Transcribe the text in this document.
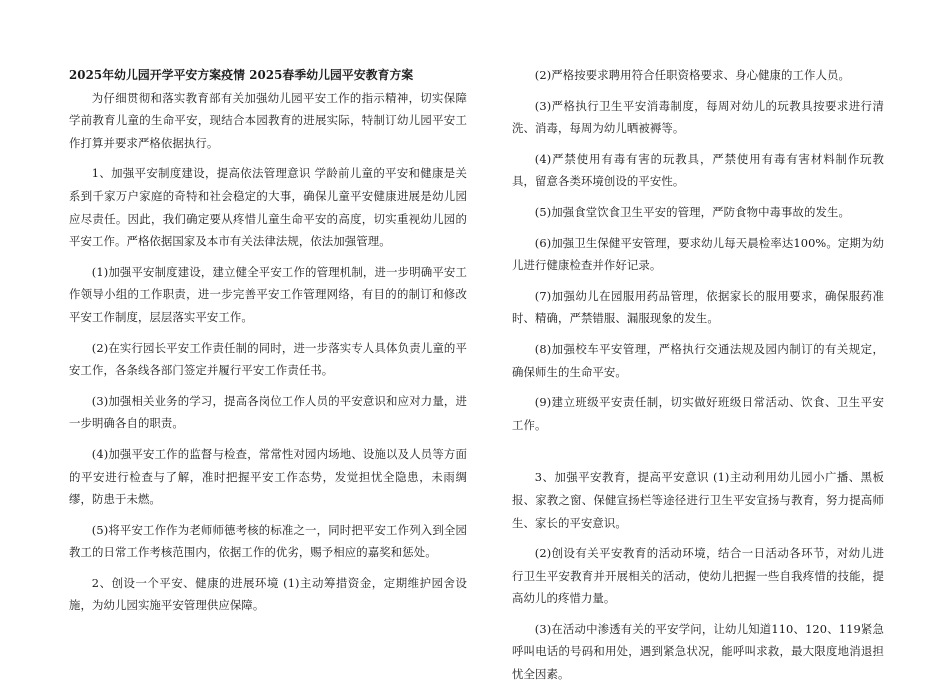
2025年幼儿园开学平安方案疫情 2025春季幼儿园平安教育方案
为仔细贯彻和落实教育部有关加强幼儿园平安工作的指示精神，切实保障学前教育儿童的生命平安，现结合本园教育的进展实际，特制订幼儿园平安工作打算并要求严格依据执行。
1、加强平安制度建设，提高依法管理意识 学龄前儿童的平安和健康是关系到千家万户家庭的奇特和社会稳定的大事，确保儿童平安健康进展是幼儿园应尽责任。因此，我们确定要从疼惜儿童生命平安的高度，切实重视幼儿园的平安工作。严格依据国家及本市有关法律法规，依法加强管理。
(1)加强平安制度建设，建立健全平安工作的管理机制，进一步明确平安工作领导小组的工作职责，进一步完善平安工作管理网络，有目的的制订和修改平安工作制度，层层落实平安工作。
(2)在实行园长平安工作责任制的同时，进一步落实专人具体负责儿童的平安工作，各条线各部门签定并履行平安工作责任书。
(3)加强相关业务的学习，提高各岗位工作人员的平安意识和应对力量，进一步明确各自的职责。
(4)加强平安工作的监督与检查，常常性对园内场地、设施以及人员等方面的平安进行检查与了解，准时把握平安工作态势，发觉担忧全隐患，未雨绸缪，防患于未燃。
(5)将平安工作作为老师师德考核的标准之一，同时把平安工作列入到全园教工的日常工作考核范围内，依据工作的优劣，赐予相应的嘉奖和惩处。
2、创设一个平安、健康的进展环境 (1)主动筹措资金，定期维护园舍设施，为幼儿园实施平安管理供应保障。
(2)严格按要求聘用符合任职资格要求、身心健康的工作人员。
(3)严格执行卫生平安消毒制度，每周对幼儿的玩教具按要求进行清洗、消毒，每周为幼儿晒被褥等。
(4)严禁使用有毒有害的玩教具，严禁使用有毒有害材料制作玩教具，留意各类环境创设的平安性。
(5)加强食堂饮食卫生平安的管理，严防食物中毒事故的发生。
(6)加强卫生保健平安管理，要求幼儿每天晨检率达100%。定期为幼儿进行健康检查并作好记录。
(7)加强幼儿在园服用药品管理，依据家长的服用要求，确保服药准时、精确，严禁错服、漏服现象的发生。
(8)加强校车平安管理，严格执行交通法规及园内制订的有关规定，确保师生的生命平安。
(9)建立班级平安责任制，切实做好班级日常活动、饮食、卫生平安工作。
3、加强平安教育，提高平安意识 (1)主动利用幼儿园小广播、黑板报、家教之窗、保健宣扬栏等途径进行卫生平安宣扬与教育，努力提高师生、家长的平安意识。
(2)创设有关平安教育的活动环境，结合一日活动各环节，对幼儿进行卫生平安教育并开展相关的活动，使幼儿把握一些自我疼惜的技能，提高幼儿的疼惜力量。
(3)在活动中渗透有关的平安学问，让幼儿知道110、120、119紧急呼叫电话的号码和用处，遇到紧急状况，能呼叫求救，最大限度地消退担忧全因素。
